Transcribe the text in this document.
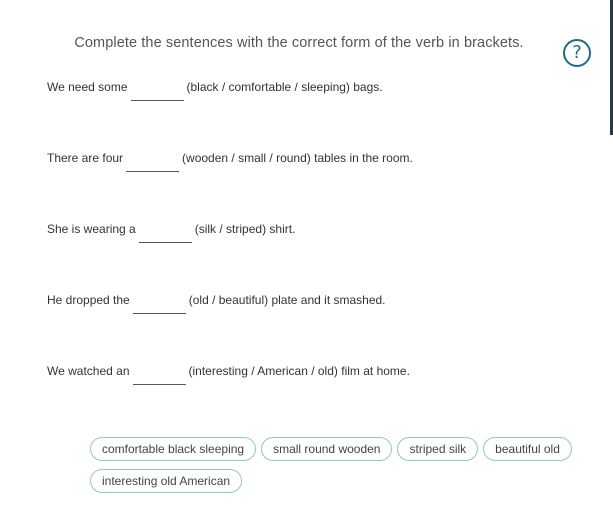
Complete the sentences with the correct form of the verb in brackets.	?
We need some	(black / comfortable / sleeping) bags.
There are four	(wooden / small / round) tables in the room.
She is wearing a	(silk / striped) shirt.
He dropped the	(old / beautiful) plate and it smashed.
We watched an	(interesting / American / old) film at home.
comfortable black sleeping	small round wooden	striped silk	beautiful old
interesting old American
